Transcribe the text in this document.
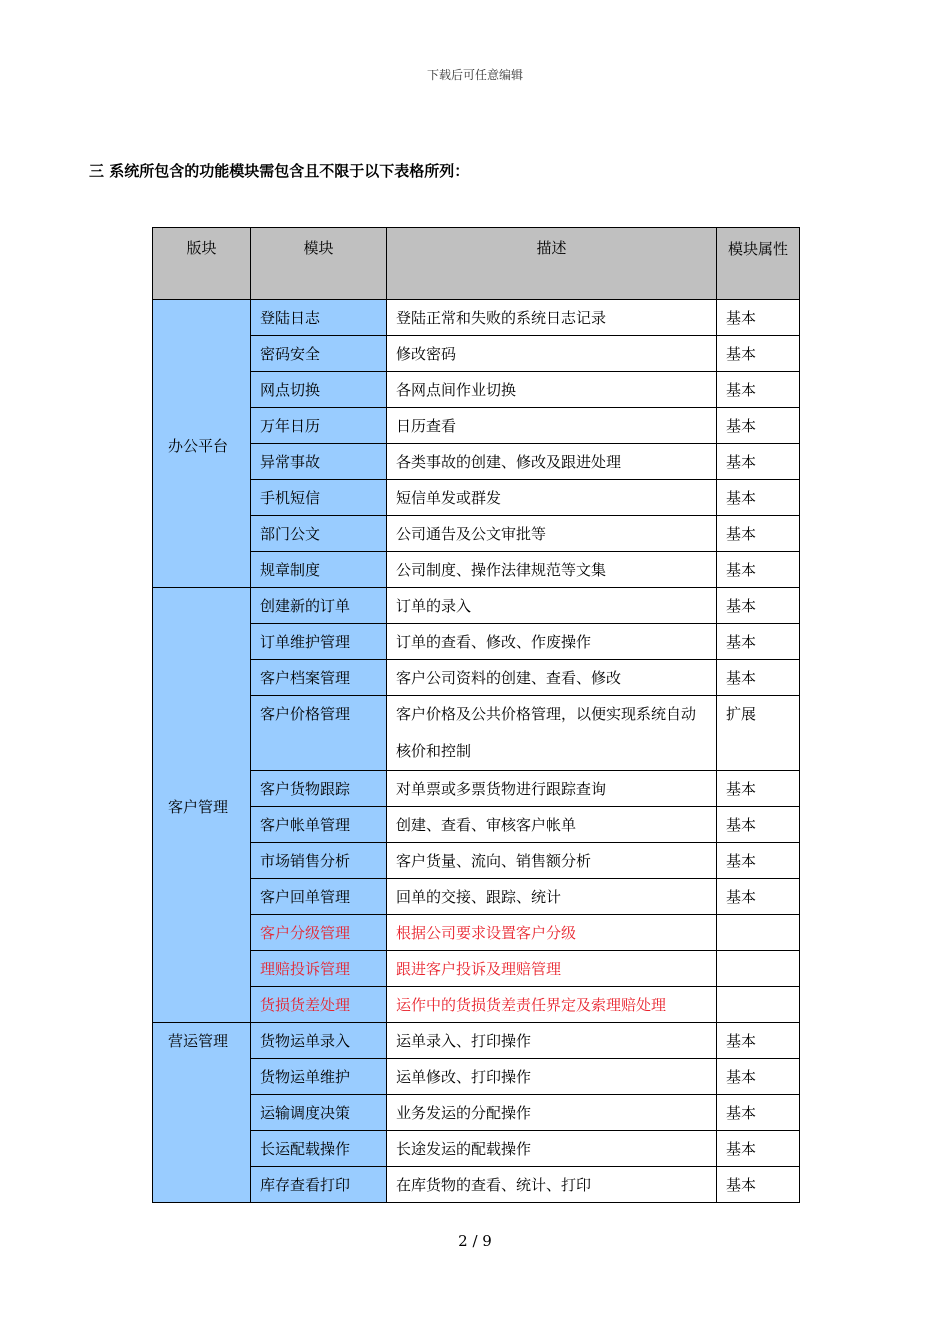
下载后可任意编辑
三 系统所包含的功能模块需包含且不限于以下表格所列：
版块	模块	描述	模块属性
办公平台	登陆日志	登陆正常和失败的系统日志记录	基本
	密码安全	修改密码	基本
	网点切换	各网点间作业切换	基本
	万年日历	日历查看	基本
	异常事故	各类事故的创建、修改及跟进处理	基本
	手机短信	短信单发或群发	基本
	部门公文	公司通告及公文审批等	基本
	规章制度	公司制度、操作法律规范等文集	基本
客户管理	创建新的订单	订单的录入	基本
	订单维护管理	订单的查看、修改、作废操作	基本
	客户档案管理	客户公司资料的创建、查看、修改	基本
	客户价格管理	客户价格及公共价格管理，以便实现系统自动核价和控制	扩展
	客户货物跟踪	对单票或多票货物进行跟踪查询	基本
	客户帐单管理	创建、查看、审核客户帐单	基本
	市场销售分析	客户货量、流向、销售额分析	基本
	客户回单管理	回单的交接、跟踪、统计	基本
	客户分级管理	根据公司要求设置客户分级	
	理赔投诉管理	跟进客户投诉及理赔管理	
	货损货差处理	运作中的货损货差责任界定及索理赔处理	
营运管理	货物运单录入	运单录入、打印操作	基本
	货物运单维护	运单修改、打印操作	基本
	运输调度决策	业务发运的分配操作	基本
	长运配载操作	长途发运的配载操作	基本
	库存查看打印	在库货物的查看、统计、打印	基本
2 / 9
